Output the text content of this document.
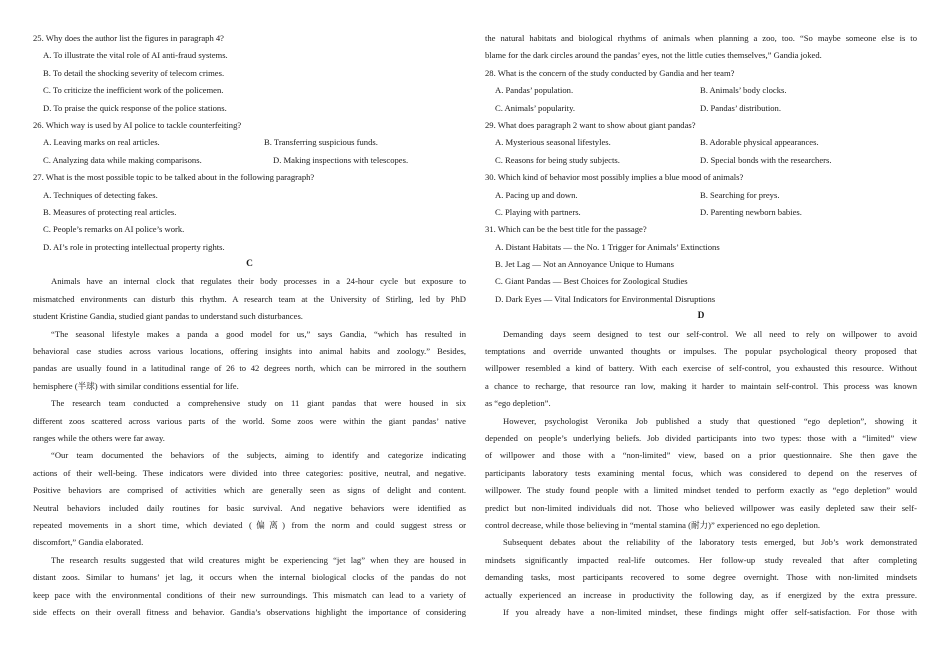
25. Why does the author list the figures in paragraph 4?
A. To illustrate the vital role of AI anti-fraud systems.
B. To detail the shocking severity of telecom crimes.
C. To criticize the inefficient work of the policemen.
D. To praise the quick response of the police stations.
26. Which way is used by AI police to tackle counterfeiting?
A. Leaving marks on real articles.	B. Transferring suspicious funds.
C. Analyzing data while making comparisons.	D. Making inspections with telescopes.
27. What is the most possible topic to be talked about in the following paragraph?
A. Techniques of detecting fakes.
B. Measures of protecting real articles.
C. People’s remarks on AI police’s work.
D. AI’s role in protecting intellectual property rights.
C
Animals have an internal clock that regulates their body processes in a 24-hour cycle but exposure to
mismatched environments can disturb this rhythm. A research team at the University of Stirling, led by PhD
student Kristine Gandia, studied giant pandas to understand such disturbances.
“The seasonal lifestyle makes a panda a good model for us,” says Gandia, “which has resulted in
behavioral case studies across various locations, offering insights into animal habits and zoology.” Besides,
pandas are usually found in a latitudinal range of 26 to 42 degrees north, which can be mirrored in the southern
hemisphere (半球) with similar conditions essential for life.
The research team conducted a comprehensive study on 11 giant pandas that were housed in six
different zoos scattered across various parts of the world. Some zoos were within the giant pandas’ native
ranges while the others were far away.
“Our team documented the behaviors of the subjects, aiming to identify and categorize indicating
actions of their well-being. These indicators were divided into three categories: positive, neutral, and negative.
Positive behaviors are comprised of activities which are generally seen as signs of delight and content.
Neutral behaviors included daily routines for basic survival. And negative behaviors were identified as
repeated movements in a short time, which deviated (偏离) from the norm and could suggest stress or
discomfort,” Gandia elaborated.
The research results suggested that wild creatures might be experiencing “jet lag” when they are housed in
distant zoos. Similar to humans’ jet lag, it occurs when the internal biological clocks of the pandas do not
keep pace with the environmental conditions of their new surroundings. This mismatch can lead to a variety of
side effects on their overall fitness and behavior. Gandia’s observations highlight the importance of considering
the natural habitats and biological rhythms of animals when planning a zoo, too. “So maybe someone else is to
blame for the dark circles around the pandas’ eyes, not the little cuties themselves,” Gandia joked.
28. What is the concern of the study conducted by Gandia and her team?
A. Pandas’ population.	B. Animals’ body clocks.
C. Animals’ popularity.	D. Pandas’ distribution.
29. What does paragraph 2 want to show about giant pandas?
A. Mysterious seasonal lifestyles.	B. Adorable physical appearances.
C. Reasons for being study subjects.	D. Special bonds with the researchers.
30. Which kind of behavior most possibly implies a blue mood of animals?
A. Pacing up and down.	B. Searching for preys.
C. Playing with partners.	D. Parenting newborn babies.
31. Which can be the best title for the passage?
A. Distant Habitats — the No. 1 Trigger for Animals’ Extinctions
B. Jet Lag — Not an Annoyance Unique to Humans
C. Giant Pandas — Best Choices for Zoological Studies
D. Dark Eyes — Vital Indicators for Environmental Disruptions
D
Demanding days seem designed to test our self-control. We all need to rely on willpower to avoid
temptations and override unwanted thoughts or impulses. The popular psychological theory proposed that
willpower resembled a kind of battery. With each exercise of self-control, you exhausted this resource. Without
a chance to recharge, that resource ran low, making it harder to maintain self-control. This process was known
as “ego depletion”.
However, psychologist Veronika Job published a study that questioned “ego depletion”, showing it
depended on people’s underlying beliefs. Job divided participants into two types: those with a “limited” view
of willpower and those with a “non-limited” view, based on a prior questionnaire. She then gave the
participants laboratory tests examining mental focus, which was considered to depend on the reserves of
willpower. The study found people with a limited mindset tended to perform exactly as “ego depletion” would
predict but non-limited individuals did not. Those who believed willpower was easily depleted saw their self-
control decrease, while those believing in “mental stamina (耐力)” experienced no ego depletion.
Subsequent debates about the reliability of the laboratory tests emerged, but Job’s work demonstrated
mindsets significantly impacted real-life outcomes. Her follow-up study revealed that after completing
demanding tasks, most participants recovered to some degree overnight. Those with non-limited mindsets
actually experienced an increase in productivity the following day, as if energized by the extra pressure.
If you already have a non-limited mindset, these findings might offer self-satisfaction. For those with
